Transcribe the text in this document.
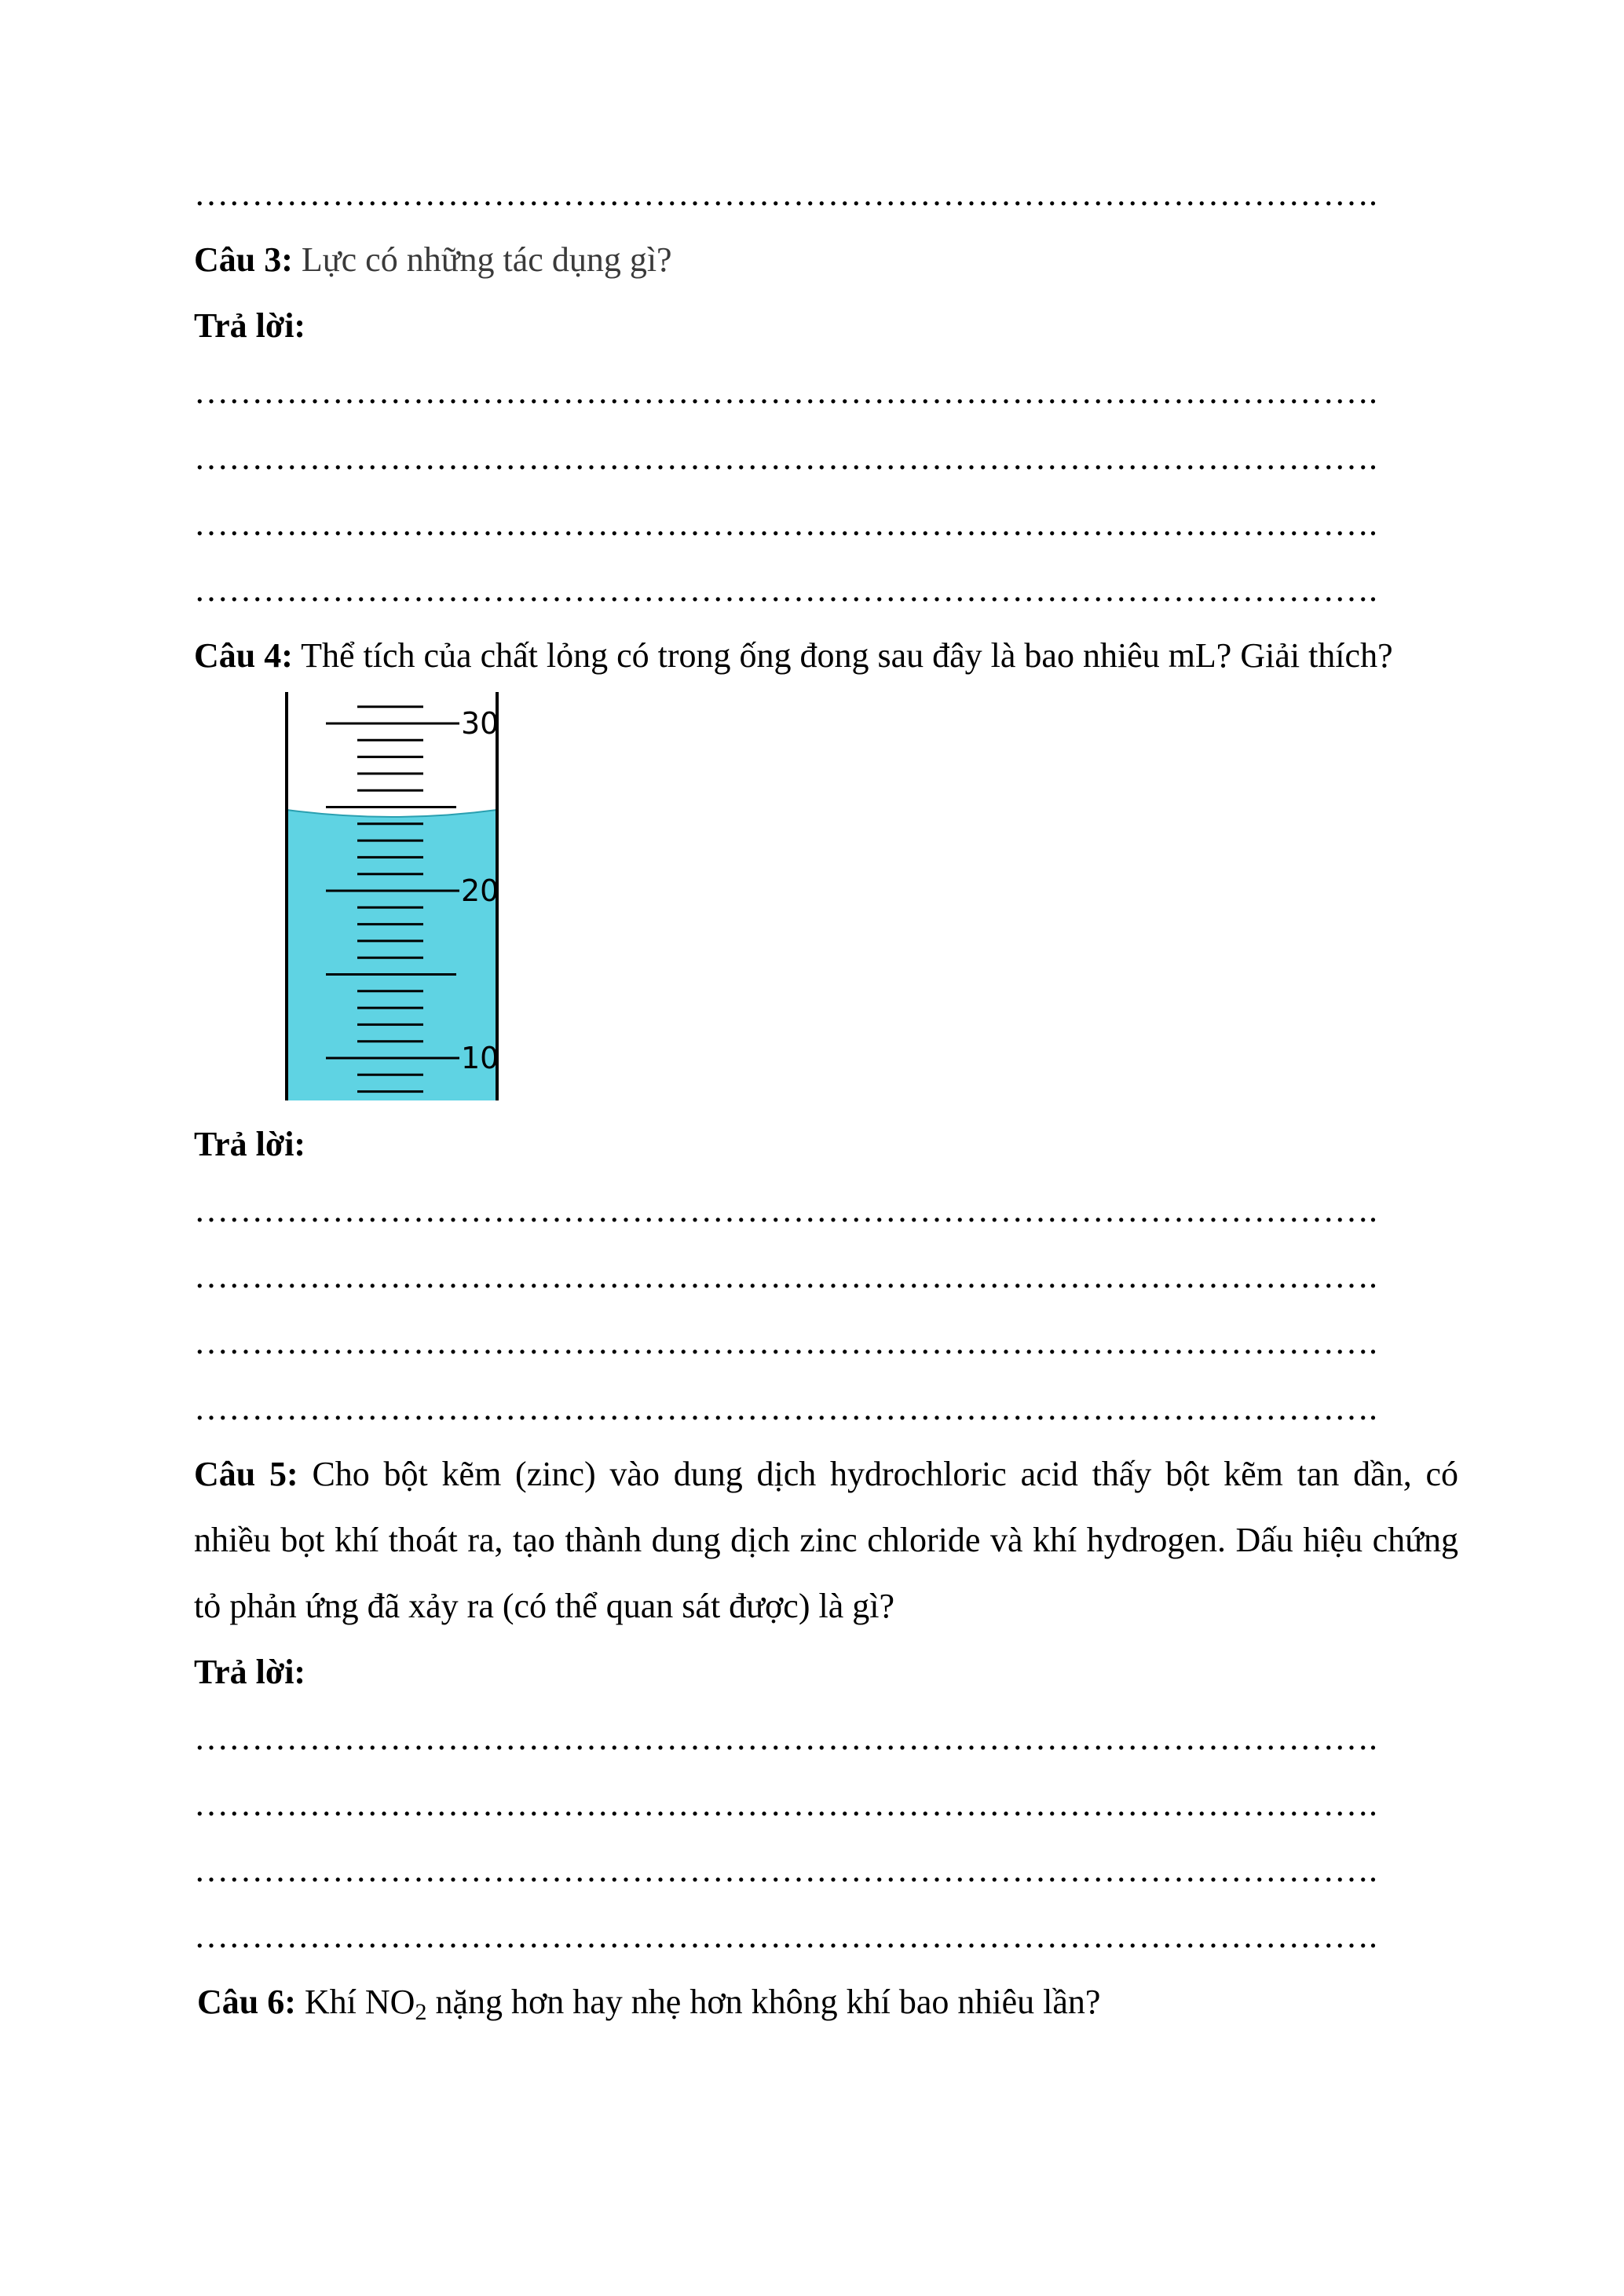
………………………………………………………………………………………….
Câu 3: Lực có những tác dụng gì?
Trả lời:
………………………………………………………………………………………….
………………………………………………………………………………………….
………………………………………………………………………………………….
………………………………………………………………………………………….
Câu 4: Thể tích của chất lỏng có trong ống đong sau đây là bao nhiêu mL? Giải thích?
30
20
10
Trả lời:
………………………………………………………………………………………….
………………………………………………………………………………………….
………………………………………………………………………………………….
………………………………………………………………………………………….
Câu 5: Cho bột kẽm (zinc) vào dung dịch hydrochloric acid thấy bột kẽm tan dần, có nhiều bọt khí thoát ra, tạo thành dung dịch zinc chloride và khí hydrogen. Dấu hiệu chứng tỏ phản ứng đã xảy ra (có thể quan sát được) là gì?
Trả lời:
………………………………………………………………………………………….
………………………………………………………………………………………….
………………………………………………………………………………………….
………………………………………………………………………………………….
Câu 6: Khí $NO_2$ nặng hơn hay nhẹ hơn không khí bao nhiêu lần?
